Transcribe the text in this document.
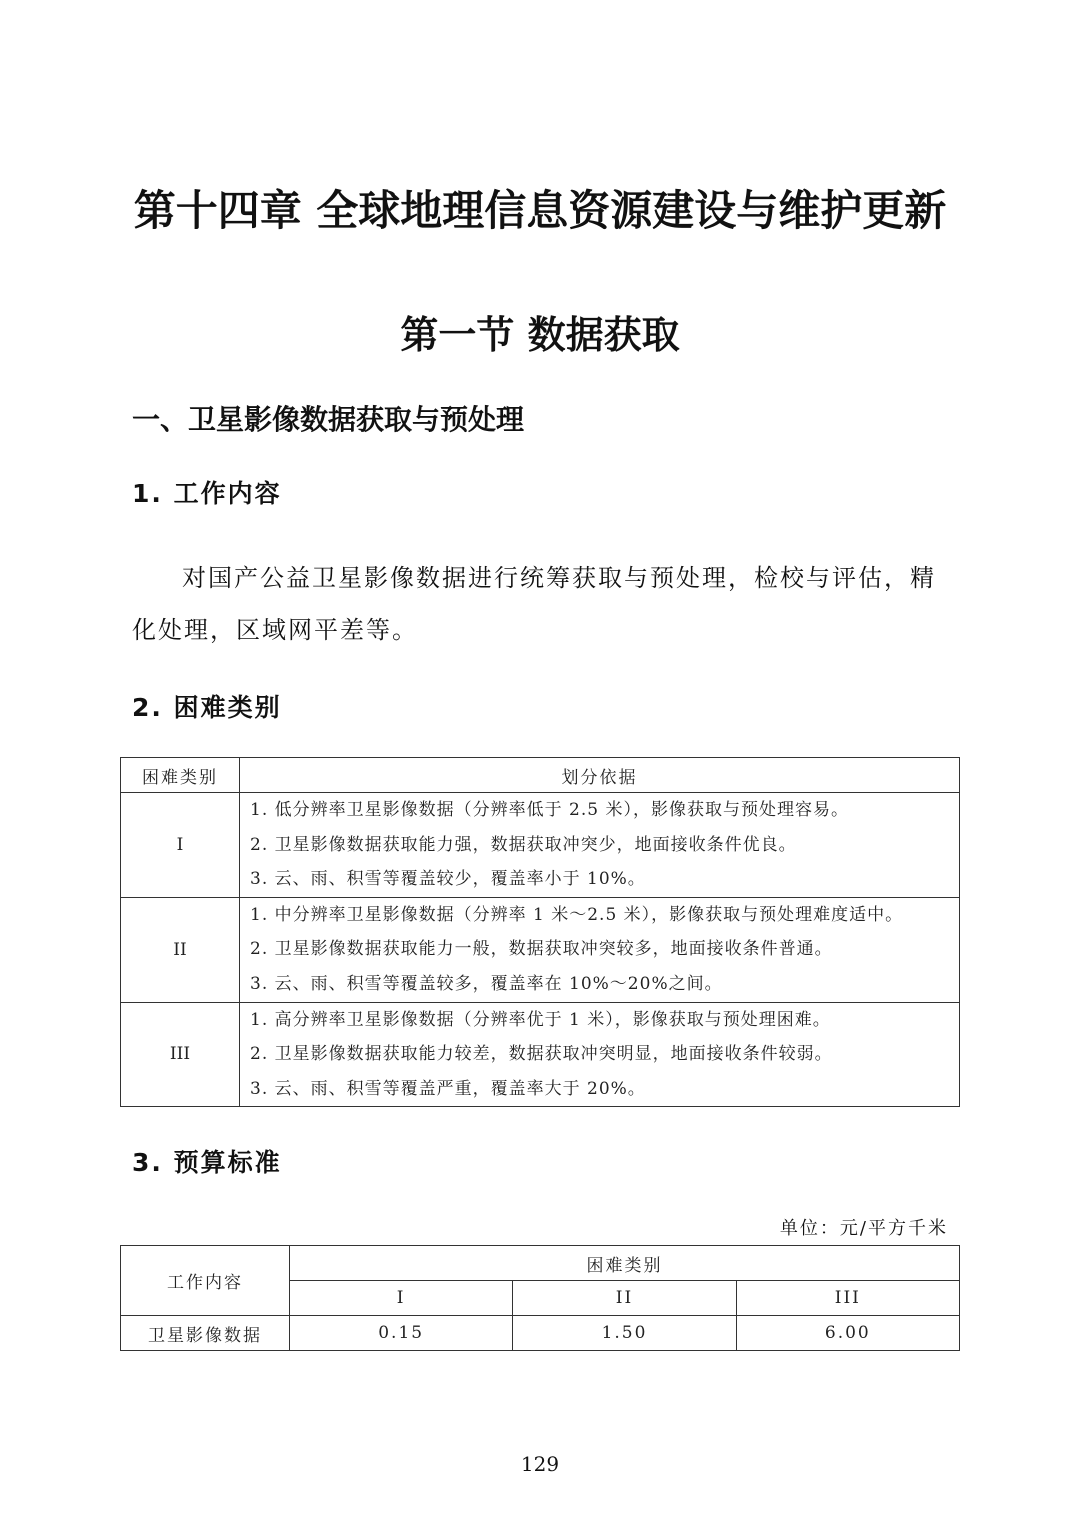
第十四章 全球地理信息资源建设与维护更新
第一节 数据获取
一、卫星影像数据获取与预处理
1. 工作内容

对国产公益卫星影像数据进行统筹获取与预处理，检校与评估，精化处理，区域网平差等。

2. 困难类别
困难类别	划分依据
I	1. 低分辨率卫星影像数据（分辨率低于 2.5 米），影像获取与预处理容易。
2. 卫星影像数据获取能力强，数据获取冲突少，地面接收条件优良。
3. 云、雨、积雪等覆盖较少，覆盖率小于 10%。

II	1. 中分辨率卫星影像数据（分辨率 1 米～2.5 米），影像获取与预处理难度适中。
2. 卫星影像数据获取能力一般，数据获取冲突较多，地面接收条件普通。
3. 云、雨、积雪等覆盖较多，覆盖率在 10%～20%之间。

III	1. 高分辨率卫星影像数据（分辨率优于 1 米），影像获取与预处理困难。
2. 卫星影像数据获取能力较差，数据获取冲突明显，地面接收条件较弱。
3. 云、雨、积雪等覆盖严重，覆盖率大于 20%。
3. 预算标准

单位：元/平方千米

工作内容	困难类别		
	I	II	III
卫星影像数据	0.15	1.50	6.00

129
